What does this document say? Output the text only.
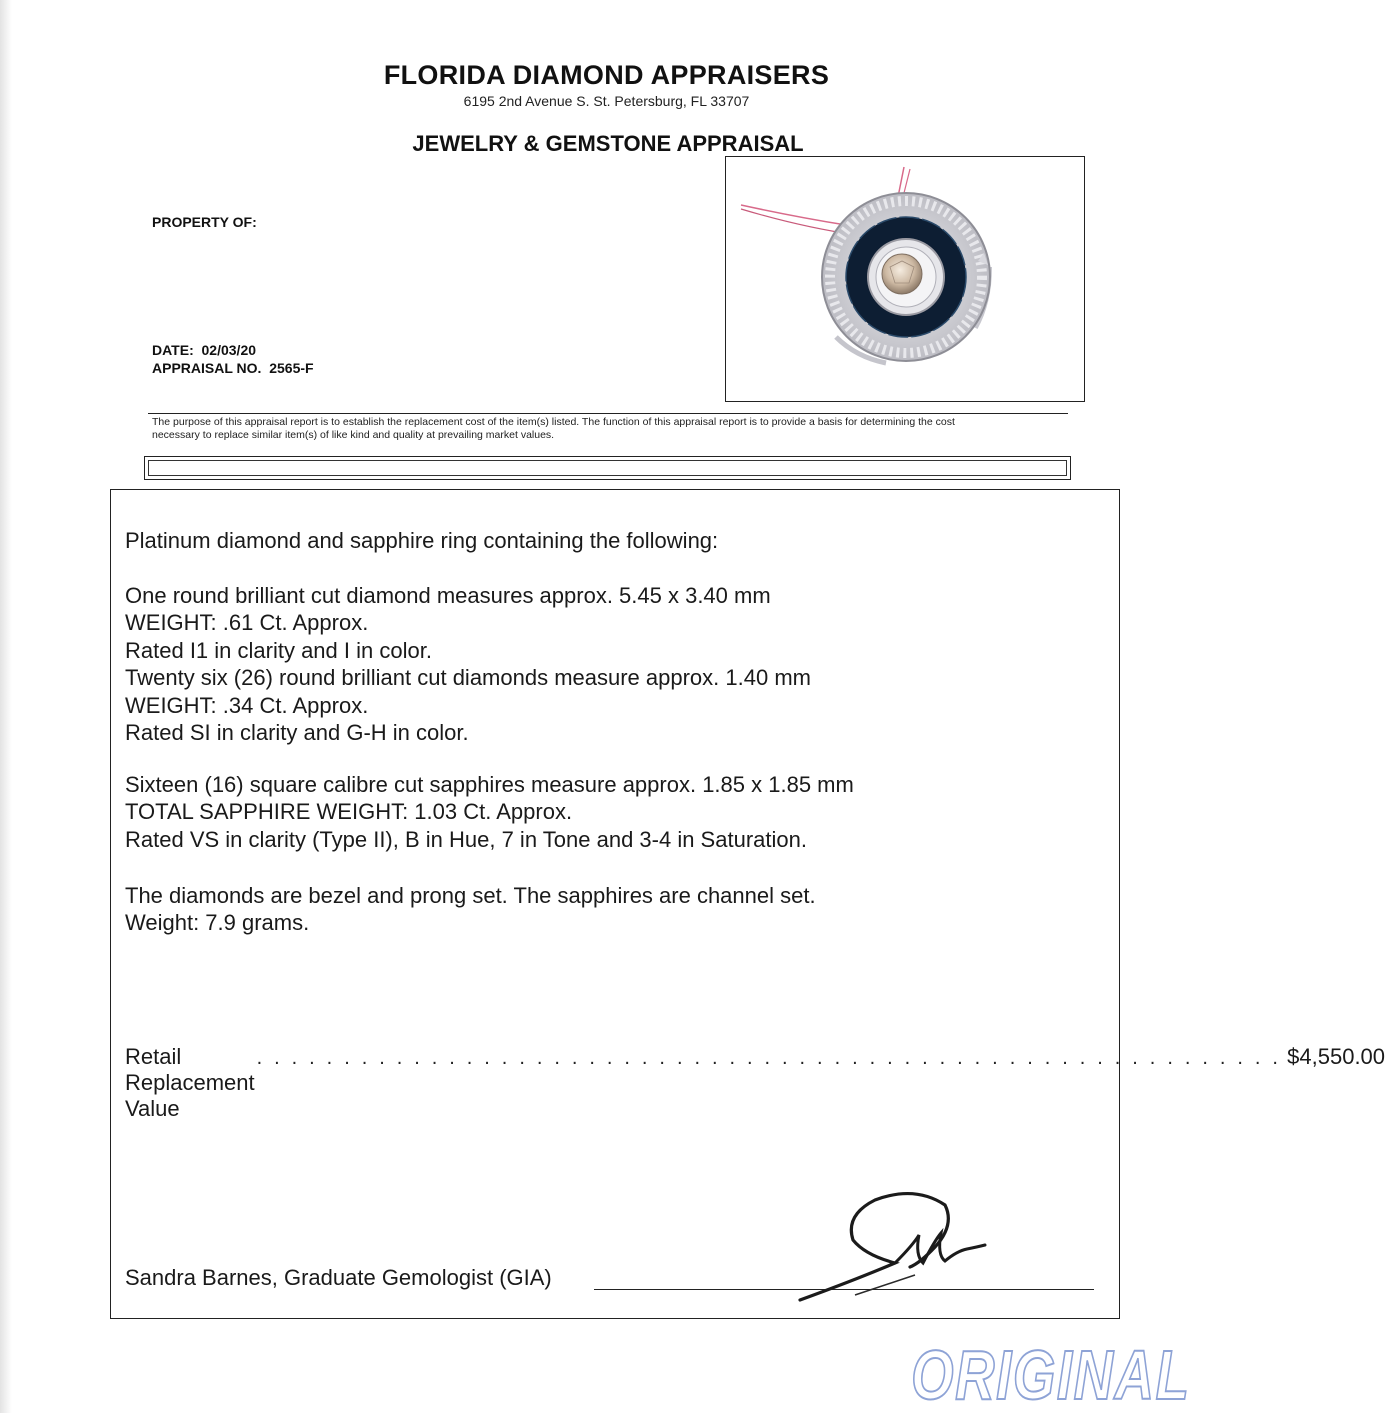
FLORIDA DIAMOND APPRAISERS
6195 2nd Avenue S. St. Petersburg, FL 33707
JEWELRY & GEMSTONE APPRAISAL
PROPERTY OF:
DATE: 02/03/20
APPRAISAL NO. 2565-F
The purpose of this appraisal report is to establish the replacement cost of the item(s) listed. The function of this appraisal report is to provide a basis for determining the cost
necessary to replace similar item(s) of like kind and quality at prevailing market values.
Platinum diamond and sapphire ring containing the following:
One round brilliant cut diamond measures approx. 5.45 x 3.40 mm
WEIGHT: .61 Ct. Approx.
Rated I1 in clarity and I in color.
Twenty six (26) round brilliant cut diamonds measure approx. 1.40 mm
WEIGHT: .34 Ct. Approx.
Rated SI in clarity and G-H in color.
Sixteen (16) square calibre cut sapphires measure approx. 1.85 x 1.85 mm
TOTAL SAPPHIRE WEIGHT: 1.03 Ct. Approx.
Rated VS in clarity (Type II), B in Hue, 7 in Tone and 3-4 in Saturation.
The diamonds are bezel and prong set. The sapphires are channel set.
Weight: 7.9 grams.
Retail Replacement Value
. . . . . . . . . . . . . . . . . . . . . . . . . . . . . . . . . . . . . . . . . . . . . . . . . . . . . . . . . . . $4,550.00
Sandra Barnes, Graduate Gemologist (GIA)
ORIGINAL
